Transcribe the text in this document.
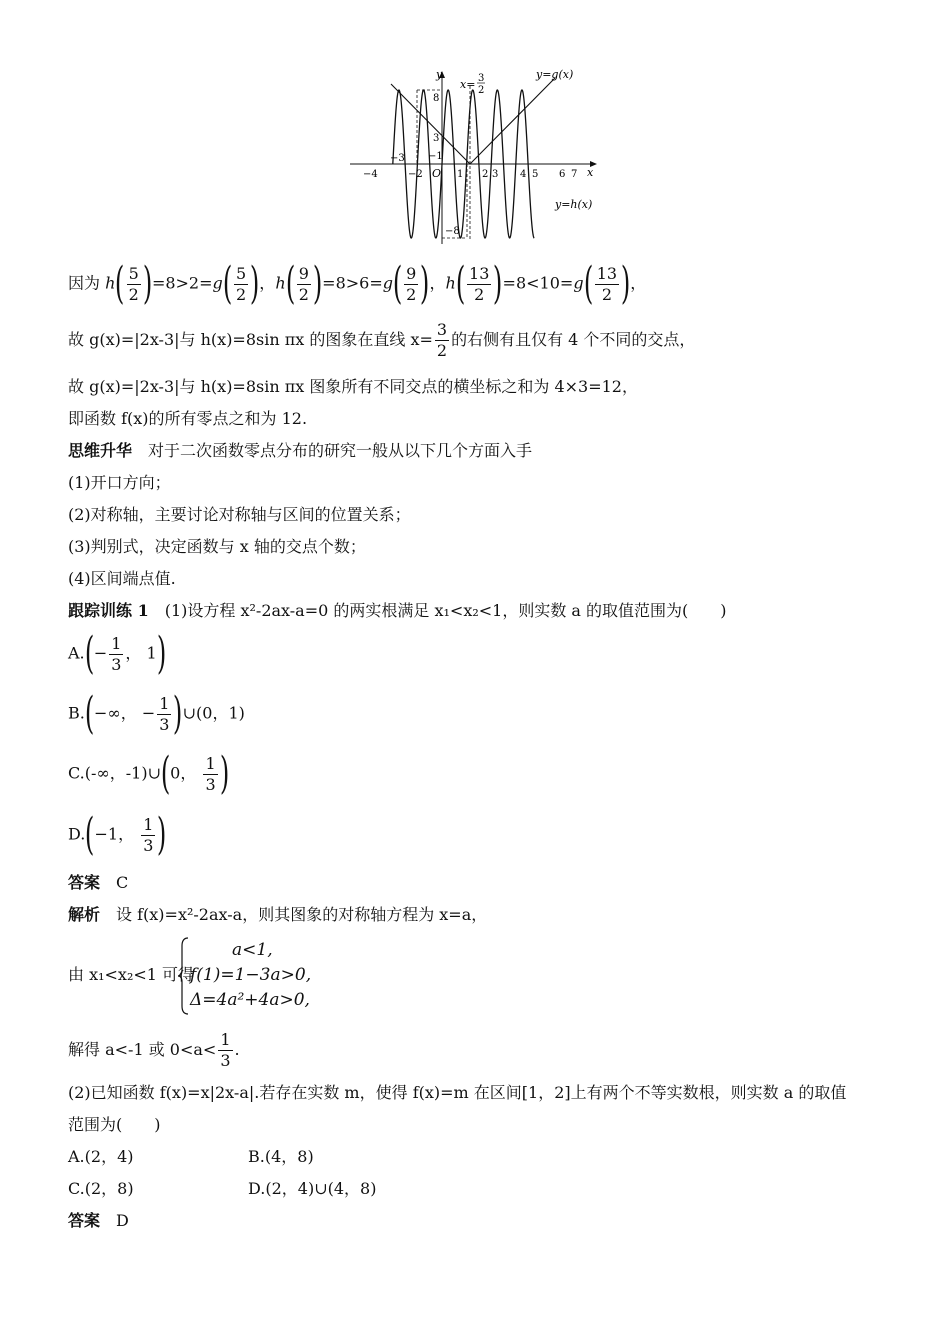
y
x
O
x= 3
2
y=g(x)
y=h(x)
8
3
−1
−8
−4
−3
−2	1 2 3 4 5 6 7
因为 $h( \frac{5}{2} )=8>2=g( \frac{5}{2}$ )，$h( \frac{9}{2} )=8>6=g( \frac{9}{2}$ )，$h( \frac{13}{2} )=8<10=g( \frac{13}{2}$ )，
故 g(x)=|2x-3|与 h(x)=8sin πx 的图象在直线 $x= \frac{3}{2}$ 的右侧有且仅有 4 个不同的交点，
故 g(x)=|2x-3|与 h(x)=8sin πx 图象所有不同交点的横坐标之和为 4×3=12，
即函数 f(x)的所有零点之和为 12.
思维升华　对于二次函数零点分布的研究一般从以下几个方面入手
(1)开口方向；
(2)对称轴，主要讨论对称轴与区间的位置关系；
(3)判别式，决定函数与 x 轴的交点个数；
(4)区间端点值.
跟踪训练 1　(1)设方程 x²-2ax-a=0 的两实根满足 x₁<x₂<1，则实数 a 的取值范围为(　　)
$A.(- \frac{1}{3}$ ， 1)
B.(−∞， − $\frac{1}{3}$ )∪(0，1)
C.(-∞，-1)∪(0， $\frac{1}{3}$ )
D.(−1， $\frac{1}{3}$ )
答案　C
解析　设 f(x)=x²-2ax-a，则其图象的对称轴方程为 x=a，
由 x₁<x₂<1 可得
a<1,
f(1)=1−3a>0,
Δ=4a²+4a>0,
解得 a<-1 或 $0<a< \frac{1}{3}$ .
(2)已知函数 f(x)=x|2x-a|.若存在实数 m，使得 f(x)=m 在区间[1，2]上有两个不等实数根，则实数 a 的取值
范围为(　　)
A.(2，4)	B.(4，8)
C.(2，8)	D.(2，4)∪(4，8)
答案　D
